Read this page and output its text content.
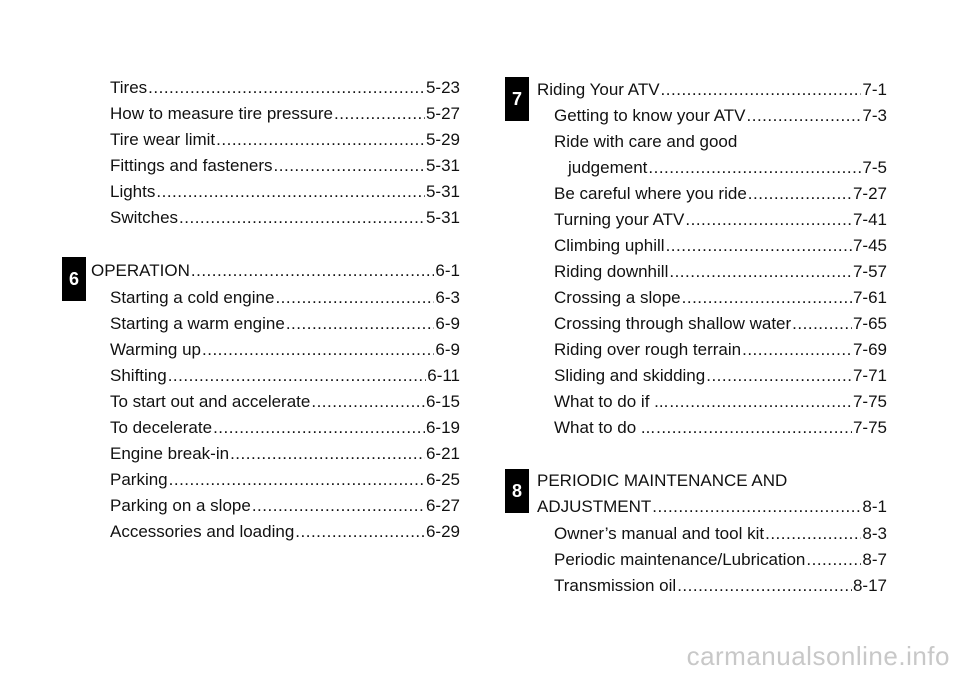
Tires .....	5-23
How to measure tire pressure .....	5-27
Tire wear limit .....	5-29
Fittings and fasteners .....	5-31
Lights .....	5-31
Switches .....	5-31
6 OPERATION .....	6-1
Starting a cold engine .....	6-3
Starting a warm engine .....	6-9
Warming up .....	6-9
Shifting .....	6-11
To start out and accelerate .....	6-15
To decelerate .....	6-19
Engine break-in .....	6-21
Parking .....	6-25
Parking on a slope .....	6-27
Accessories and loading .....	6-29
7 Riding Your ATV .....	7-1
Getting to know your ATV .....	7-3
Ride with care and good
judgement .....	7-5
Be careful where you ride .....	7-27
Turning your ATV .....	7-41
Climbing uphill .....	7-45
Riding downhill .....	7-57
Crossing a slope .....	7-61
Crossing through shallow water .....	7-65
Riding over rough terrain .....	7-69
Sliding and skidding .....	7-71
What to do if ... .....	7-75
What to do ... .....	7-75
8 PERIODIC MAINTENANCE AND
ADJUSTMENT .....	8-1
Owner’s manual and tool kit .....	8-3
Periodic maintenance/Lubrication .....	8-7
Transmission oil .....	8-17
carmanualsonline.info
